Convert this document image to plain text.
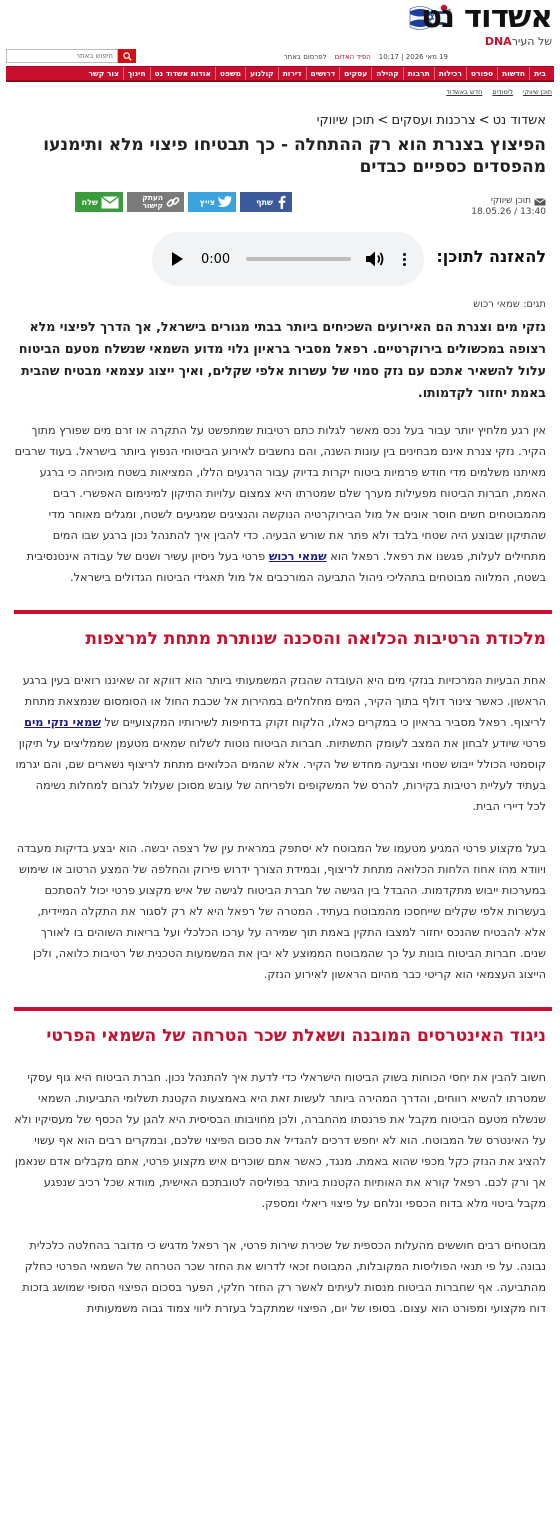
אשדוד נט
של העירDNA
19 מאי 2026 | 10:17
הפיד האדום
לפרסום באתר
חיפוש באתר
בית
חדשות
ספורט
רכילות
תרבות
קהילה
עסקים
דרושים
דירות
קולנוע
משפט
אודות אשדוד נט
חינוך
צור קשר
תוכן שיווקי
לימודים
חדש באשדוד
אשדוד נט>צרכנות ועסקים>תוכן שיווקי
הפיצוץ בצנרת הוא רק ההתחלה - כך תבטיחו פיצוי מלא ותימנעו מהפסדים כספיים כבדים
תוכן שיווקי
13:40 / 18.05.26
שתף
צייץ
העתק
קישור
שלח
להאזנה לתוכן:
0:00
תגים: שמאי רכוש

נזקי מים וצנרת הם האירועים השכיחים ביותר בבתי מגורים בישראל, אך הדרך לפיצוי מלא רצופה במכשולים בירוקרטיים. רפאל מסביר בראיון גלוי מדוע השמאי שנשלח מטעם הביטוח עלול להשאיר אתכם עם נזק סמוי של עשרות אלפי שקלים, ואיך ייצוג עצמאי מבטיח שהבית באמת יחזור לקדמותו.

אין רגע מלחיץ יותר עבור בעל נכס מאשר לגלות כתם רטיבות שמתפשט על התקרה או זרם מים שפורץ מתוך הקיר. נזקי צנרת אינם מבחינים בין עונות השנה, והם נחשבים לאירוע הביטוחי הנפוץ ביותר בישראל. בעוד שרבים מאיתנו משלמים מדי חודש פרמיות ביטוח יקרות בדיוק עבור הרגעים הללו, המציאות בשטח מוכיחה כי ברגע האמת, חברות הביטוח מפעילות מערך שלם שמטרתו היא צמצום עלויות התיקון למינימום האפשרי. רבים מהמבוטחים חשים חוסר אונים אל מול הבירוקרטיה הנוקשה והנציגים שמגיעים לשטח, ומגלים מאוחר מדי שהתיקון שבוצע היה שטחי בלבד ולא פתר את שורש הבעיה. כדי להבין איך להתנהל נכון ברגע שבו המים מתחילים לעלות, פגשנו את רפאל. רפאל הוא שמאי רכוש פרטי בעל ניסיון עשיר ושנים של עבודה אינטנסיבית בשטח, המלווה מבוטחים בתהליכי ניהול התביעה המורכבים אל מול תאגידי הביטוח הגדולים בישראל.

מלכודת הרטיבות הכלואה והסכנה שנותרת מתחת למרצפות

אחת הבעיות המרכזיות בנזקי מים היא העובדה שהנזק המשמעותי ביותר הוא דווקא זה שאיננו רואים בעין ברגע הראשון. כאשר צינור דולף בתוך הקיר, המים מחלחלים במהירות אל שכבת החול או הסומסום שנמצאת מתחת לריצוף. רפאל מסביר בראיון כי במקרים כאלו, הלקוח זקוק בדחיפות לשירותיו המקצועיים של שמאי נזקי מים פרטי שיודע לבחון את המצב לעומק התשתיות. חברות הביטוח נוטות לשלוח שמאים מטעמן שממליצים על תיקון קוסמטי הכולל ייבוש שטחי וצביעה מחדש של הקיר. אלא שהמים הכלואים מתחת לריצוף נשארים שם, והם יגרמו בעתיד לעליית רטיבות בקירות, להרס של המשקופים ולפריחה של עובש מסוכן שעלול לגרום למחלות נשימה לכל דיירי הבית.

בעל מקצוע פרטי המגיע מטעמו של המבוטח לא יסתפק במראית עין של רצפה יבשה. הוא יבצע בדיקות מעבדה ויוודא מהו אחוז הלחות הכלואה מתחת לריצוף, ובמידת הצורך ידרוש פירוק והחלפה של המצע הרטוב או שימוש במערכות ייבוש מתקדמות. ההבדל בין הגישה של חברת הביטוח לגישה של איש מקצוע פרטי יכול להסתכם בעשרות אלפי שקלים שייחסכו מהמבוטח בעתיד. המטרה של רפאל היא לא רק לסגור את התקלה המיידית, אלא להבטיח שהנכס יחזור למצבו התקין באמת תוך שמירה על ערכו הכלכלי ועל בריאות השוהים בו לאורך שנים. חברות הביטוח בונות על כך שהמבוטח הממוצע לא יבין את המשמעות הטכנית של רטיבות כלואה, ולכן הייצוג העצמאי הוא קריטי כבר מהיום הראשון לאירוע הנזק.

ניגוד האינטרסים המובנה ושאלת שכר הטרחה של השמאי הפרטי

חשוב להבין את יחסי הכוחות בשוק הביטוח הישראלי כדי לדעת איך להתנהל נכון. חברת הביטוח היא גוף עסקי שמטרתו להשיא רווחים, והדרך המהירה ביותר לעשות זאת היא באמצעות הקטנת תשלומי התביעות. השמאי שנשלח מטעם הביטוח מקבל את פרנסתו מהחברה, ולכן מחויבותו הבסיסית היא להגן על הכסף של מעסיקיו ולא על האינטרס של המבוטח. הוא לא יחפש דרכים להגדיל את סכום הפיצוי שלכם, ובמקרים רבים הוא אף עשוי להציג את הנזק כקל מכפי שהוא באמת. מנגד, כאשר אתם שוכרים איש מקצוע פרטי, אתם מקבלים אדם שנאמן אך ורק לכם. רפאל קורא את האותיות הקטנות ביותר בפוליסה לטובתכם האישית, מוודא שכל רכיב שנפגע מקבל ביטוי מלא בדוח הכספי ונלחם על פיצוי ריאלי ומספק.

מבוטחים רבים חוששים מהעלות הכספית של שכירת שירות פרטי, אך רפאל מדגיש כי מדובר בהחלטה כלכלית נבונה. על פי תנאי הפוליסות המקובלות, המבוטח זכאי לדרוש את החזר שכר הטרחה של השמאי הפרטי כחלק מהתביעה. אף שחברות הביטוח מנסות לעיתים לאשר רק החזר חלקי, הפער בסכום הפיצוי הסופי שמושג בזכות דוח מקצועי ומפורט הוא עצום. בסופו של יום, הפיצוי שמתקבל בעזרת ליווי צמוד גבוה משמעותית
